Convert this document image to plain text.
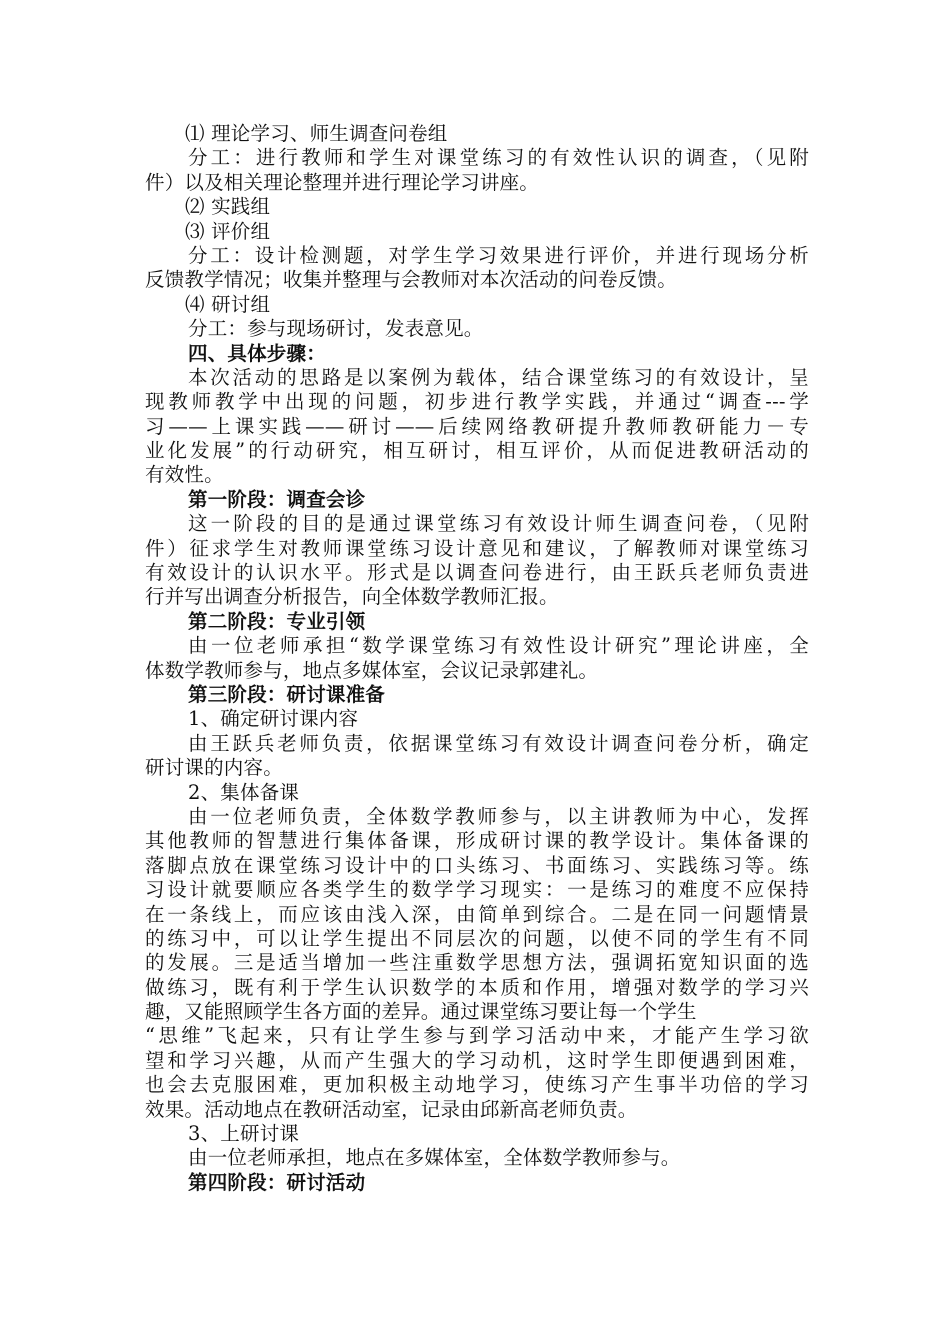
⑴ 理论学习、师生调查问卷组
分工：进行教师和学生对课堂练习的有效性认识的调查，（见附
件）以及相关理论整理并进行理论学习讲座。
⑵ 实践组
⑶ 评价组
分工：设计检测题，对学生学习效果进行评价，并进行现场分析
反馈教学情况；收集并整理与会教师对本次活动的问卷反馈。
⑷ 研讨组
分工：参与现场研讨，发表意见。
四、具体步骤：
本次活动的思路是以案例为载体，结合课堂练习的有效设计，呈
现教师教学中出现的问题，初步进行教学实践，并通过“调查---学
习——上课实践——研讨——后续网络教研提升教师教研能力－专
业化发展”的行动研究，相互研讨，相互评价，从而促进教研活动的
有效性。
第一阶段：调查会诊
这一阶段的目的是通过课堂练习有效设计师生调查问卷，（见附
件）征求学生对教师课堂练习设计意见和建议，了解教师对课堂练习
有效设计的认识水平。形式是以调查问卷进行，由王跃兵老师负责进
行并写出调查分析报告，向全体数学教师汇报。
第二阶段：专业引领
由一位老师承担“数学课堂练习有效性设计研究”理论讲座，全
体数学教师参与，地点多媒体室，会议记录郭建礼。
第三阶段：研讨课准备
1、确定研讨课内容
由王跃兵老师负责，依据课堂练习有效设计调查问卷分析，确定
研讨课的内容。
2、集体备课
由一位老师负责，全体数学教师参与，以主讲教师为中心，发挥
其他教师的智慧进行集体备课，形成研讨课的教学设计。集体备课的
落脚点放在课堂练习设计中的口头练习、书面练习、实践练习等。练
习设计就要顺应各类学生的数学学习现实：一是练习的难度不应保持
在一条线上，而应该由浅入深，由简单到综合。二是在同一问题情景
的练习中，可以让学生提出不同层次的问题，以使不同的学生有不同
的发展。三是适当增加一些注重数学思想方法，强调拓宽知识面的选
做练习，既有利于学生认识数学的本质和作用，增强对数学的学习兴
趣，又能照顾学生各方面的差异。通过课堂练习要让每一个学生
“思维”飞起来，只有让学生参与到学习活动中来，才能产生学习欲
望和学习兴趣，从而产生强大的学习动机，这时学生即便遇到困难，
也会去克服困难，更加积极主动地学习，使练习产生事半功倍的学习
效果。活动地点在教研活动室，记录由邱新高老师负责。
3、上研讨课
由一位老师承担，地点在多媒体室，全体数学教师参与。
第四阶段：研讨活动
